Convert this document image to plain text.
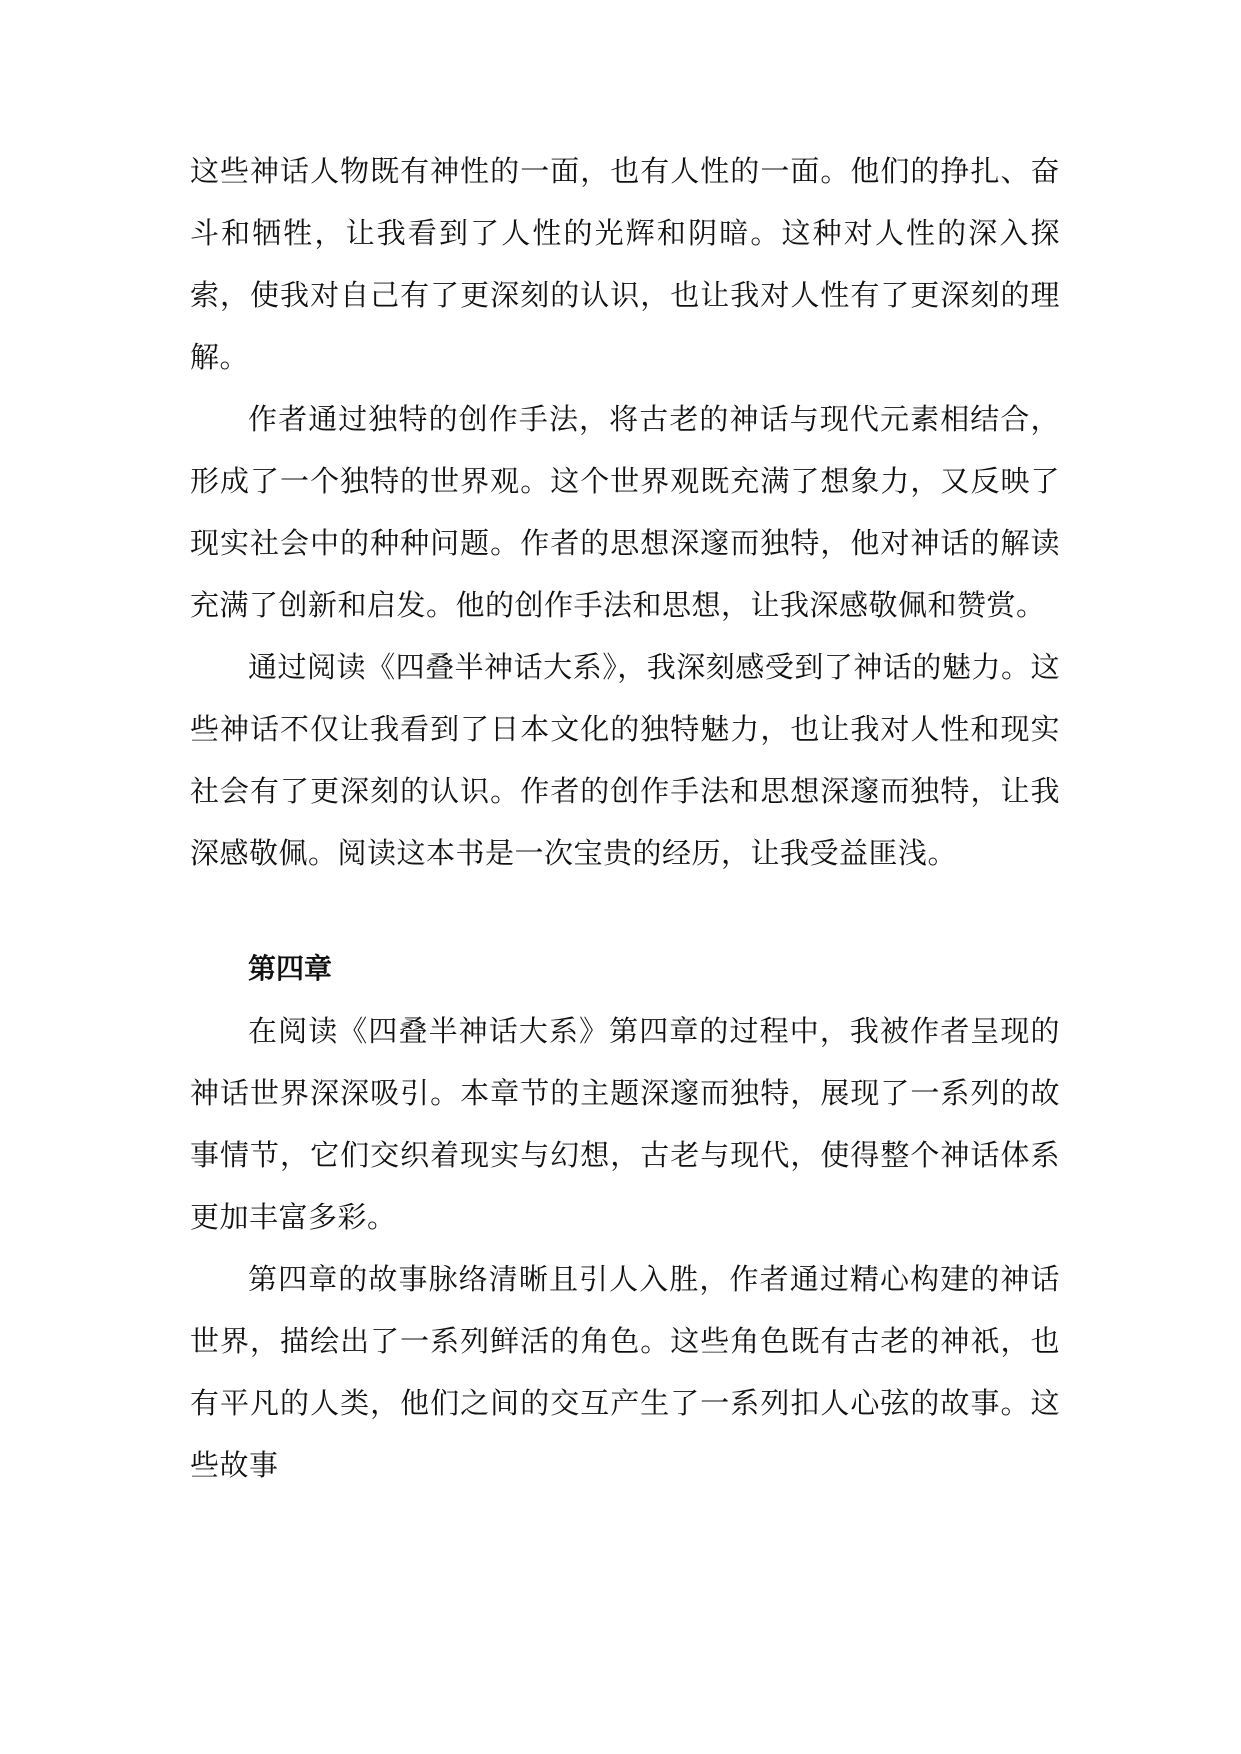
这些神话人物既有神性的一面，也有人性的一面。他们的挣扎、奋斗和牺牲，让我看到了人性的光辉和阴暗。这种对人性的深入探索，使我对自己有了更深刻的认识，也让我对人性有了更深刻的理解。

作者通过独特的创作手法，将古老的神话与现代元素相结合，形成了一个独特的世界观。这个世界观既充满了想象力，又反映了现实社会中的种种问题。作者的思想深邃而独特，他对神话的解读充满了创新和启发。他的创作手法和思想，让我深感敬佩和赞赏。

通过阅读《四叠半神话大系》，我深刻感受到了神话的魅力。这些神话不仅让我看到了日本文化的独特魅力，也让我对人性和现实社会有了更深刻的认识。作者的创作手法和思想深邃而独特，让我深感敬佩。阅读这本书是一次宝贵的经历，让我受益匪浅。

第四章

在阅读《四叠半神话大系》第四章的过程中，我被作者呈现的神话世界深深吸引。本章节的主题深邃而独特，展现了一系列的故事情节，它们交织着现实与幻想，古老与现代，使得整个神话体系更加丰富多彩。

第四章的故事脉络清晰且引人入胜，作者通过精心构建的神话世界，描绘出了一系列鲜活的角色。这些角色既有古老的神祇，也有平凡的人类，他们之间的交互产生了一系列扣人心弦的故事。这些故事
